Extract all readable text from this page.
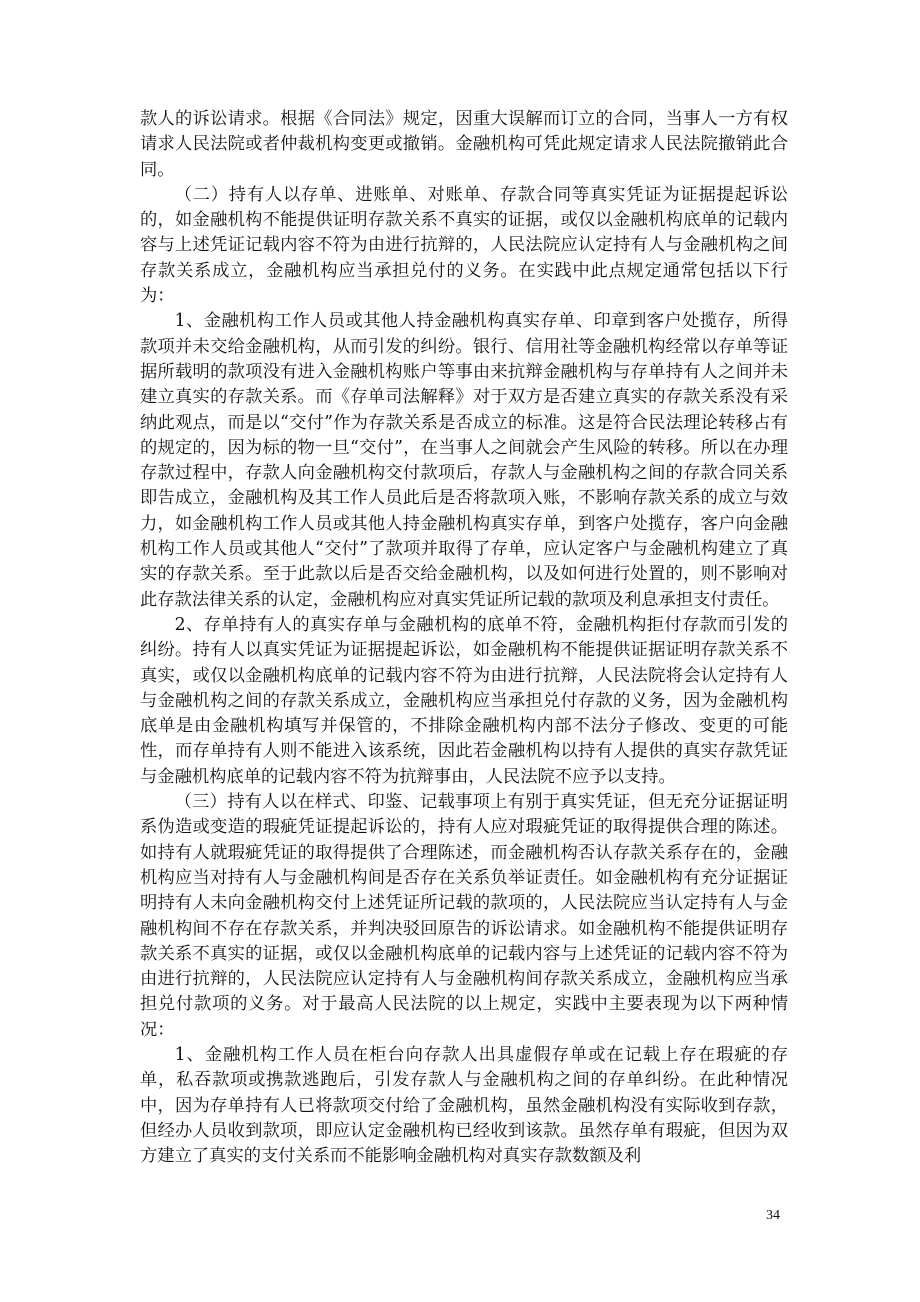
款人的诉讼请求。根据《合同法》规定，因重大误解而订立的合同，当事人一方有权请求人民法院或者仲裁机构变更或撤销。金融机构可凭此规定请求人民法院撤销此合同。

（二）持有人以存单、进账单、对账单、存款合同等真实凭证为证据提起诉讼的，如金融机构不能提供证明存款关系不真实的证据，或仅以金融机构底单的记载内容与上述凭证记载内容不符为由进行抗辩的，人民法院应认定持有人与金融机构之间存款关系成立，金融机构应当承担兑付的义务。在实践中此点规定通常包括以下行为：

1、金融机构工作人员或其他人持金融机构真实存单、印章到客户处揽存，所得款项并未交给金融机构，从而引发的纠纷。银行、信用社等金融机构经常以存单等证据所载明的款项没有进入金融机构账户等事由来抗辩金融机构与存单持有人之间并未建立真实的存款关系。而《存单司法解释》对于双方是否建立真实的存款关系没有采纳此观点，而是以“交付”作为存款关系是否成立的标准。这是符合民法理论转移占有的规定的，因为标的物一旦“交付”，在当事人之间就会产生风险的转移。所以在办理存款过程中，存款人向金融机构交付款项后，存款人与金融机构之间的存款合同关系即告成立，金融机构及其工作人员此后是否将款项入账，不影响存款关系的成立与效力，如金融机构工作人员或其他人持金融机构真实存单，到客户处揽存，客户向金融机构工作人员或其他人“交付”了款项并取得了存单，应认定客户与金融机构建立了真实的存款关系。至于此款以后是否交给金融机构，以及如何进行处置的，则不影响对此存款法律关系的认定，金融机构应对真实凭证所记载的款项及利息承担支付责任。

2、存单持有人的真实存单与金融机构的底单不符，金融机构拒付存款而引发的纠纷。持有人以真实凭证为证据提起诉讼，如金融机构不能提供证据证明存款关系不真实，或仅以金融机构底单的记载内容不符为由进行抗辩，人民法院将会认定持有人与金融机构之间的存款关系成立，金融机构应当承担兑付存款的义务，因为金融机构底单是由金融机构填写并保管的，不排除金融机构内部不法分子修改、变更的可能性，而存单持有人则不能进入该系统，因此若金融机构以持有人提供的真实存款凭证与金融机构底单的记载内容不符为抗辩事由，人民法院不应予以支持。

（三）持有人以在样式、印鉴、记载事项上有别于真实凭证，但无充分证据证明系伪造或变造的瑕疵凭证提起诉讼的，持有人应对瑕疵凭证的取得提供合理的陈述。如持有人就瑕疵凭证的取得提供了合理陈述，而金融机构否认存款关系存在的，金融机构应当对持有人与金融机构间是否存在关系负举证责任。如金融机构有充分证据证明持有人未向金融机构交付上述凭证所记载的款项的，人民法院应当认定持有人与金融机构间不存在存款关系，并判决驳回原告的诉讼请求。如金融机构不能提供证明存款关系不真实的证据，或仅以金融机构底单的记载内容与上述凭证的记载内容不符为由进行抗辩的，人民法院应认定持有人与金融机构间存款关系成立，金融机构应当承担兑付款项的义务。对于最高人民法院的以上规定，实践中主要表现为以下两种情况：

1、金融机构工作人员在柜台向存款人出具虚假存单或在记载上存在瑕疵的存单，私吞款项或携款逃跑后，引发存款人与金融机构之间的存单纠纷。在此种情况中，因为存单持有人已将款项交付给了金融机构，虽然金融机构没有实际收到存款，但经办人员收到款项，即应认定金融机构已经收到该款。虽然存单有瑕疵，但因为双方建立了真实的支付关系而不能影响金融机构对真实存款数额及利

34
